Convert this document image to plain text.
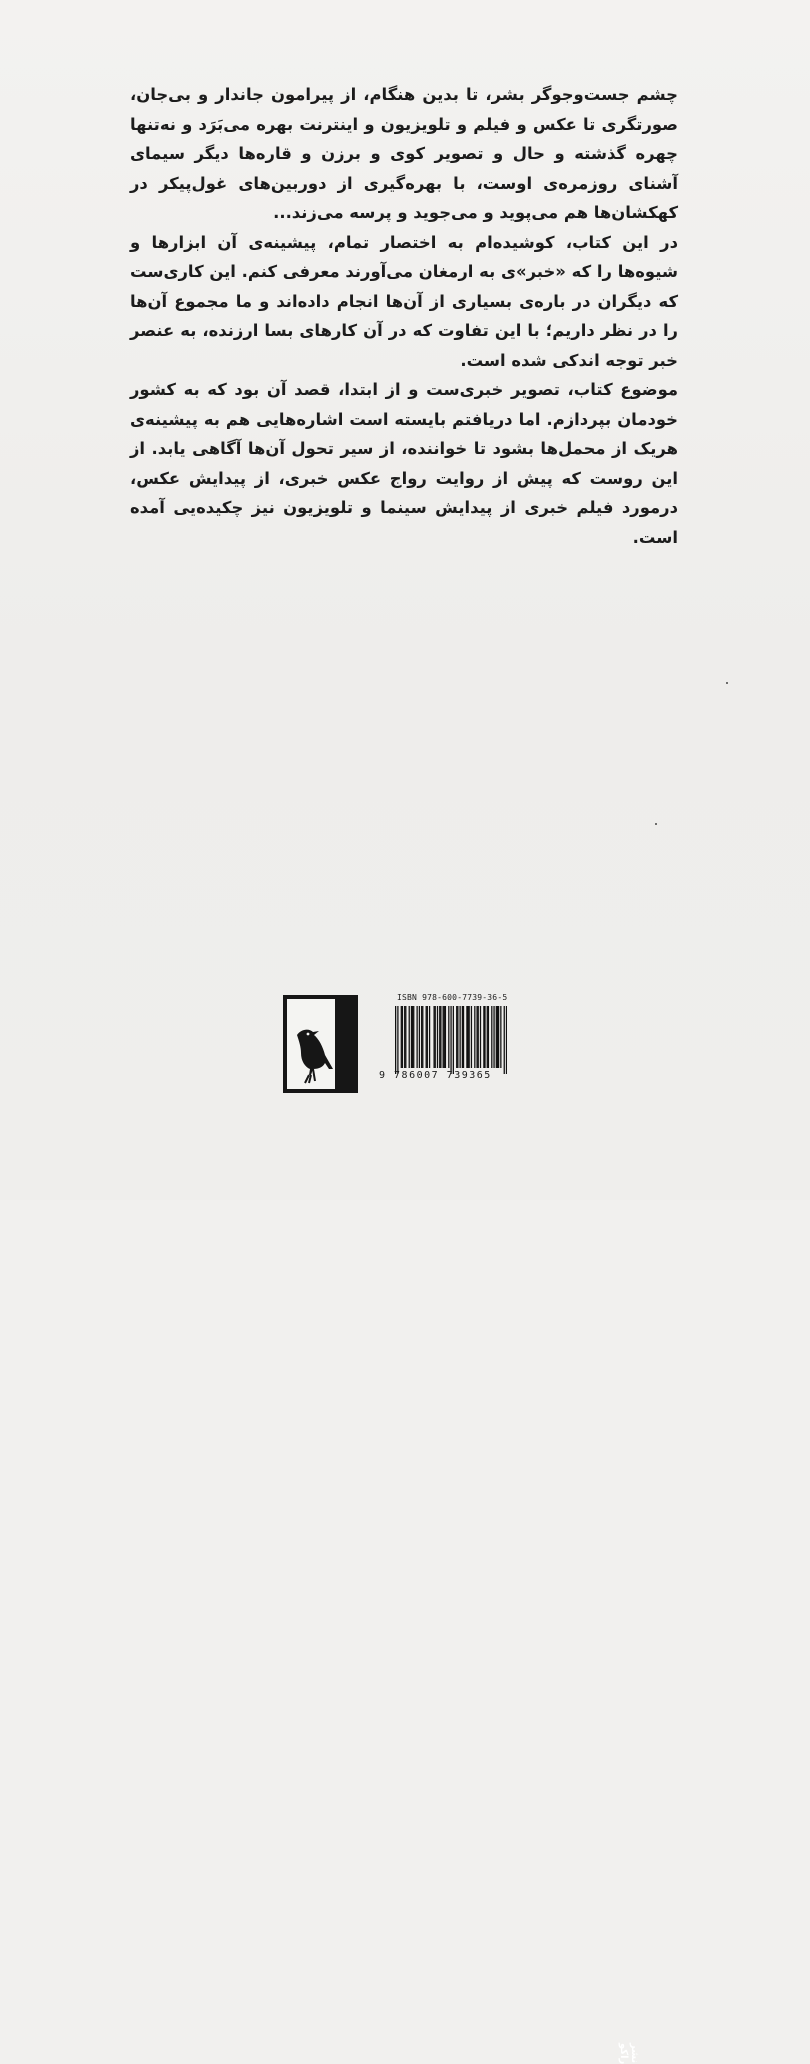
چشم جست‌وجوگر بشر، تا بدین هنگام، از پیرامون جاندار و بی‌جان، صورتگری تا عکس و فیلم و تلویزیون و اینترنت بهره می‌بَرَد و نه‌تنها چهره گذشته و حال و تصویر کوی و برزن و قاره‌ها دیگر سیمای آشنای روزمره‌ی اوست، با بهره‌گیری از دوربین‌های غول‌پیکر در کهکشان‌ها هم می‌پوید و می‌جوید و پرسه می‌زند...

در این کتاب، کوشیده‌ام به اختصار تمام، پیشینه‌ی آن ابزارها و شیوه‌ها را که «خبر»ی به ارمغان می‌آورند معرفی کنم. این کاری‌ست که دیگران در باره‌ی بسیاری از آن‌ها انجام داده‌اند و ما مجموع آن‌ها را در نظر داریم؛ با این تفاوت که در آن کارهای بسا ارزنده، به عنصر خبر توجه اندکی شده است.

موضوع کتاب، تصویر خبری‌ست و از ابتدا، قصد آن بود که به کشور خودمان بپردازم. اما دریافتم بایسته است اشاره‌هایی هم به پیشینه‌ی هریک از محمل‌ها بشود تا خواننده، از سیر تحول آن‌ها آگاهی یابد. از این روست که پیش از روایت رواج عکس خبری، از پیدایش عکس، درمورد فیلم خبری از پیدایش سینما و تلویزیون نیز چکیده‌یی آمده است.

نشر راکو
ISBN 978-600-7739-36-5
9 786007 739365
